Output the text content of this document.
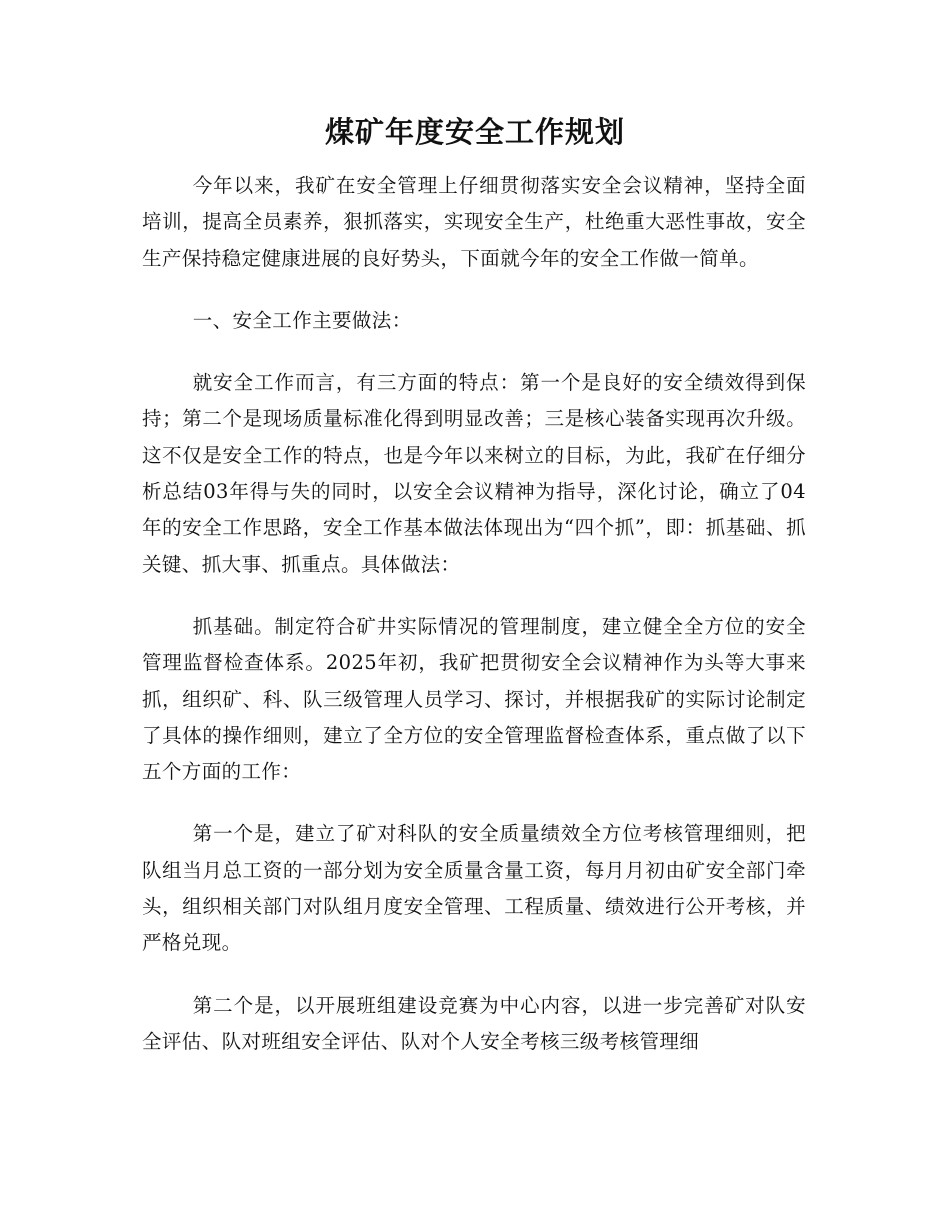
煤矿年度安全工作规划

今年以来，我矿在安全管理上仔细贯彻落实安全会议精神，坚持全面培训，提高全员素养，狠抓落实，实现安全生产，杜绝重大恶性事故，安全生产保持稳定健康进展的良好势头，下面就今年的安全工作做一简单。

一、安全工作主要做法：

就安全工作而言，有三方面的特点：第一个是良好的安全绩效得到保持；第二个是现场质量标准化得到明显改善；三是核心装备实现再次升级。这不仅是安全工作的特点，也是今年以来树立的目标，为此，我矿在仔细分析总结03年得与失的同时，以安全会议精神为指导，深化讨论，确立了04年的安全工作思路，安全工作基本做法体现出为“四个抓”，即：抓基础、抓关键、抓大事、抓重点。具体做法：

抓基础。制定符合矿井实际情况的管理制度，建立健全全方位的安全管理监督检查体系。2025年初，我矿把贯彻安全会议精神作为头等大事来抓，组织矿、科、队三级管理人员学习、探讨，并根据我矿的实际讨论制定了具体的操作细则，建立了全方位的安全管理监督检查体系，重点做了以下五个方面的工作：

第一个是，建立了矿对科队的安全质量绩效全方位考核管理细则，把队组当月总工资的一部分划为安全质量含量工资，每月月初由矿安全部门牵头，组织相关部门对队组月度安全管理、工程质量、绩效进行公开考核，并严格兑现。

第二个是，以开展班组建设竞赛为中心内容，以进一步完善矿对队安全评估、队对班组安全评估、队对个人安全考核三级考核管理细
